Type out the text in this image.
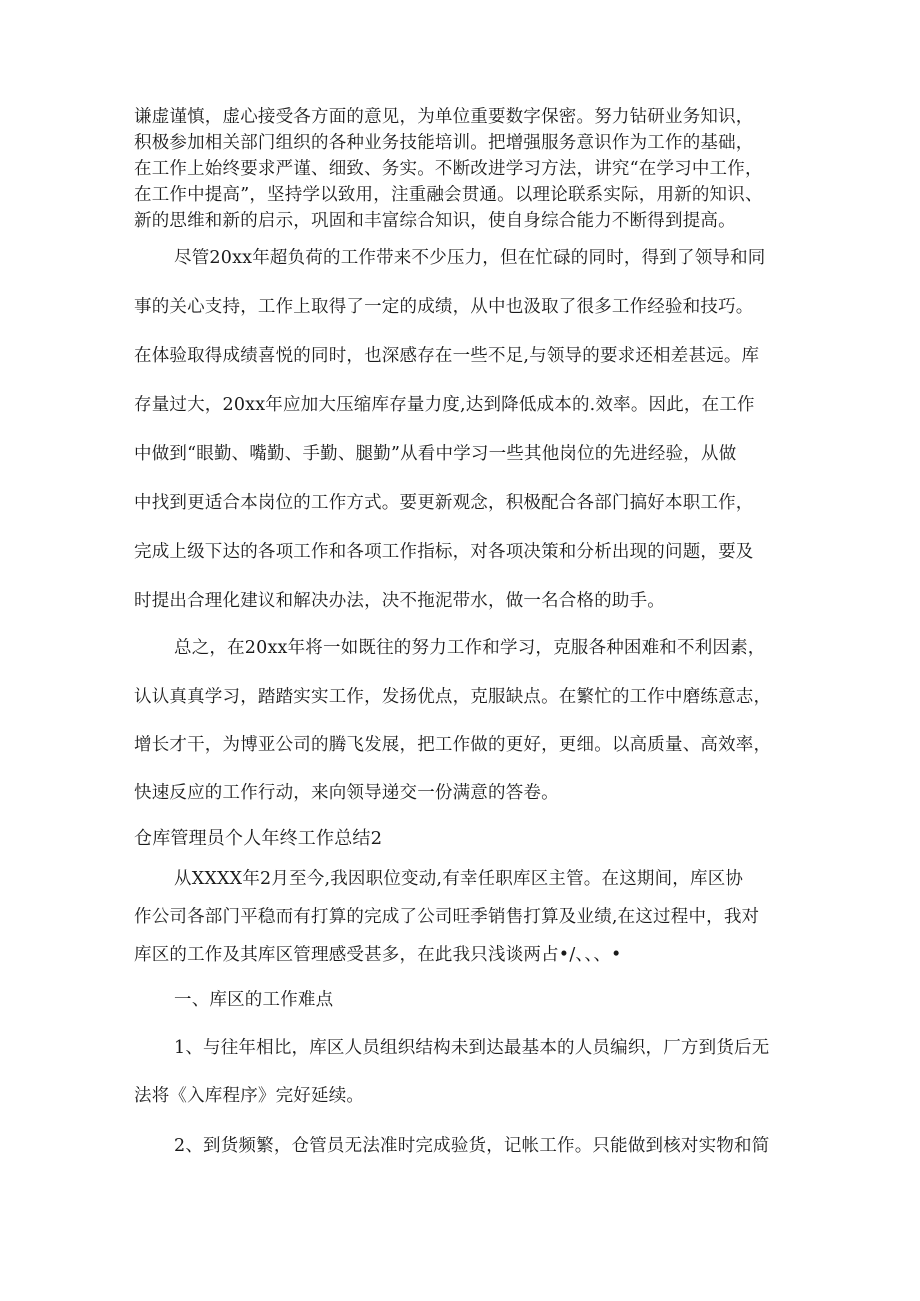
谦虚谨慎，虚心接受各方面的意见，为单位重要数字保密。努力钻研业务知识，
积极参加相关部门组织的各种业务技能培训。把增强服务意识作为工作的基础，
在工作上始终要求严谨、细致、务实。不断改进学习方法，讲究“在学习中工作，
在工作中提高”，坚持学以致用，注重融会贯通。以理论联系实际，用新的知识、
新的思维和新的启示，巩固和丰富综合知识，使自身综合能力不断得到提高。
尽管20xx年超负荷的工作带来不少压力，但在忙碌的同时，得到了领导和同
事的关心支持，工作上取得了一定的成绩，从中也汲取了很多工作经验和技巧。
在体验取得成绩喜悦的同时，也深感存在一些不足,与领导的要求还相差甚远。库
存量过大，20xx年应加大压缩库存量力度,达到降低成本的.效率。因此，在工作
中做到“眼勤、嘴勤、手勤、腿勤”从看中学习一些其他岗位的先进经验，从做
中找到更适合本岗位的工作方式。要更新观念，积极配合各部门搞好本职工作，
完成上级下达的各项工作和各项工作指标，对各项决策和分析出现的问题，要及
时提出合理化建议和解决办法，决不拖泥带水，做一名合格的助手。
总之，在20xx年将一如既往的努力工作和学习，克服各种困难和不利因素，
认认真真学习，踏踏实实工作，发扬优点，克服缺点。在繁忙的工作中磨练意志，
增长才干，为博亚公司的腾飞发展，把工作做的更好，更细。以高质量、高效率，
快速反应的工作行动，来向领导递交一份满意的答卷。
仓库管理员个人年终工作总结2
从XXXX年2月至今,我因职位变动,有幸任职库区主管。在这期间，库区协
作公司各部门平稳而有打算的完成了公司旺季销售打算及业绩,在这过程中，我对
库区的工作及其库区管理感受甚多，在此我只浅谈两占•/、、、•
一、库区的工作难点
1、与往年相比，库区人员组织结构未到达最基本的人员编织，厂方到货后无
法将《入库程序》完好延续。
2、到货频繁，仓管员无法准时完成验货，记帐工作。只能做到核对实物和简
